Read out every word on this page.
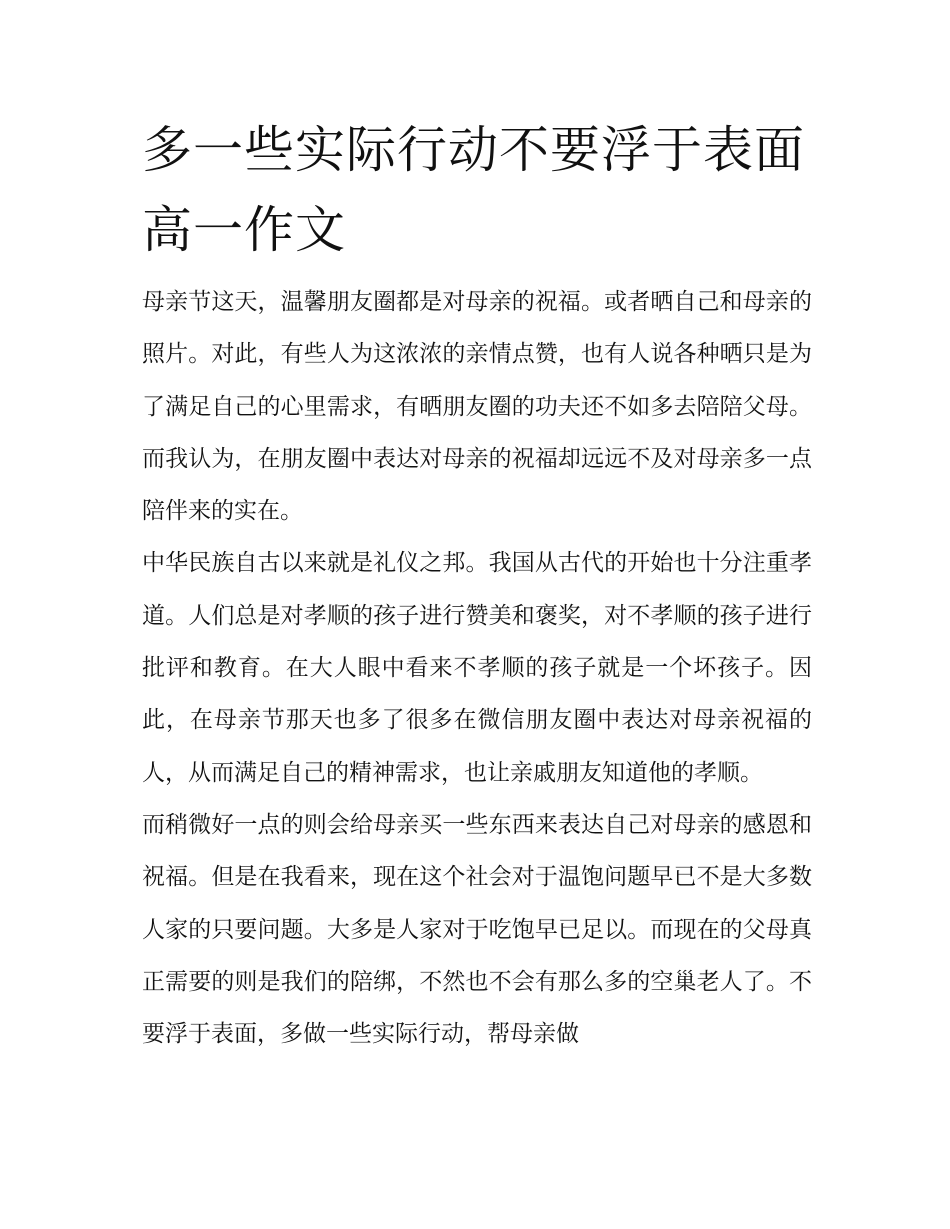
多一些实际行动不要浮于表面高一作文

母亲节这天，温馨朋友圈都是对母亲的祝福。或者晒自己和母亲的照片。对此，有些人为这浓浓的亲情点赞，也有人说各种晒只是为了满足自己的心里需求，有晒朋友圈的功夫还不如多去陪陪父母。而我认为，在朋友圈中表达对母亲的祝福却远远不及对母亲多一点陪伴来的实在。

中华民族自古以来就是礼仪之邦。我国从古代的开始也十分注重孝道。人们总是对孝顺的孩子进行赞美和褒奖，对不孝顺的孩子进行批评和教育。在大人眼中看来不孝顺的孩子就是一个坏孩子。因此，在母亲节那天也多了很多在微信朋友圈中表达对母亲祝福的人，从而满足自己的精神需求，也让亲戚朋友知道他的孝顺。

而稍微好一点的则会给母亲买一些东西来表达自己对母亲的感恩和祝福。但是在我看来，现在这个社会对于温饱问题早已不是大多数人家的只要问题。大多是人家对于吃饱早已足以。而现在的父母真正需要的则是我们的陪绑，不然也不会有那么多的空巢老人了。不要浮于表面，多做一些实际行动，帮母亲做
